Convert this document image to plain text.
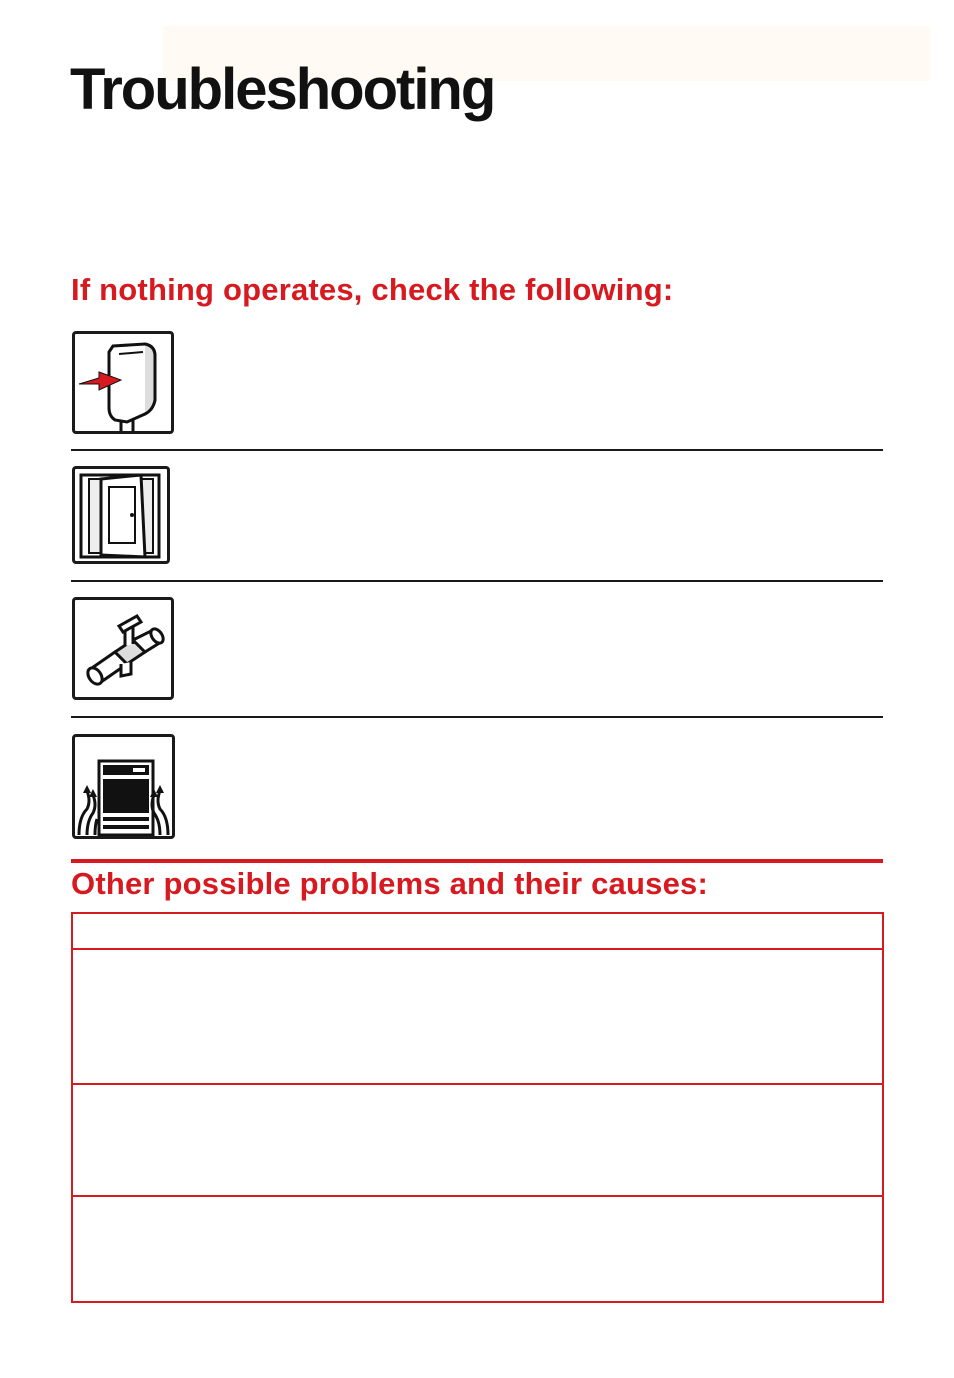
Troubleshooting
If nothing operates, check the following:
Other possible problems and their causes:
